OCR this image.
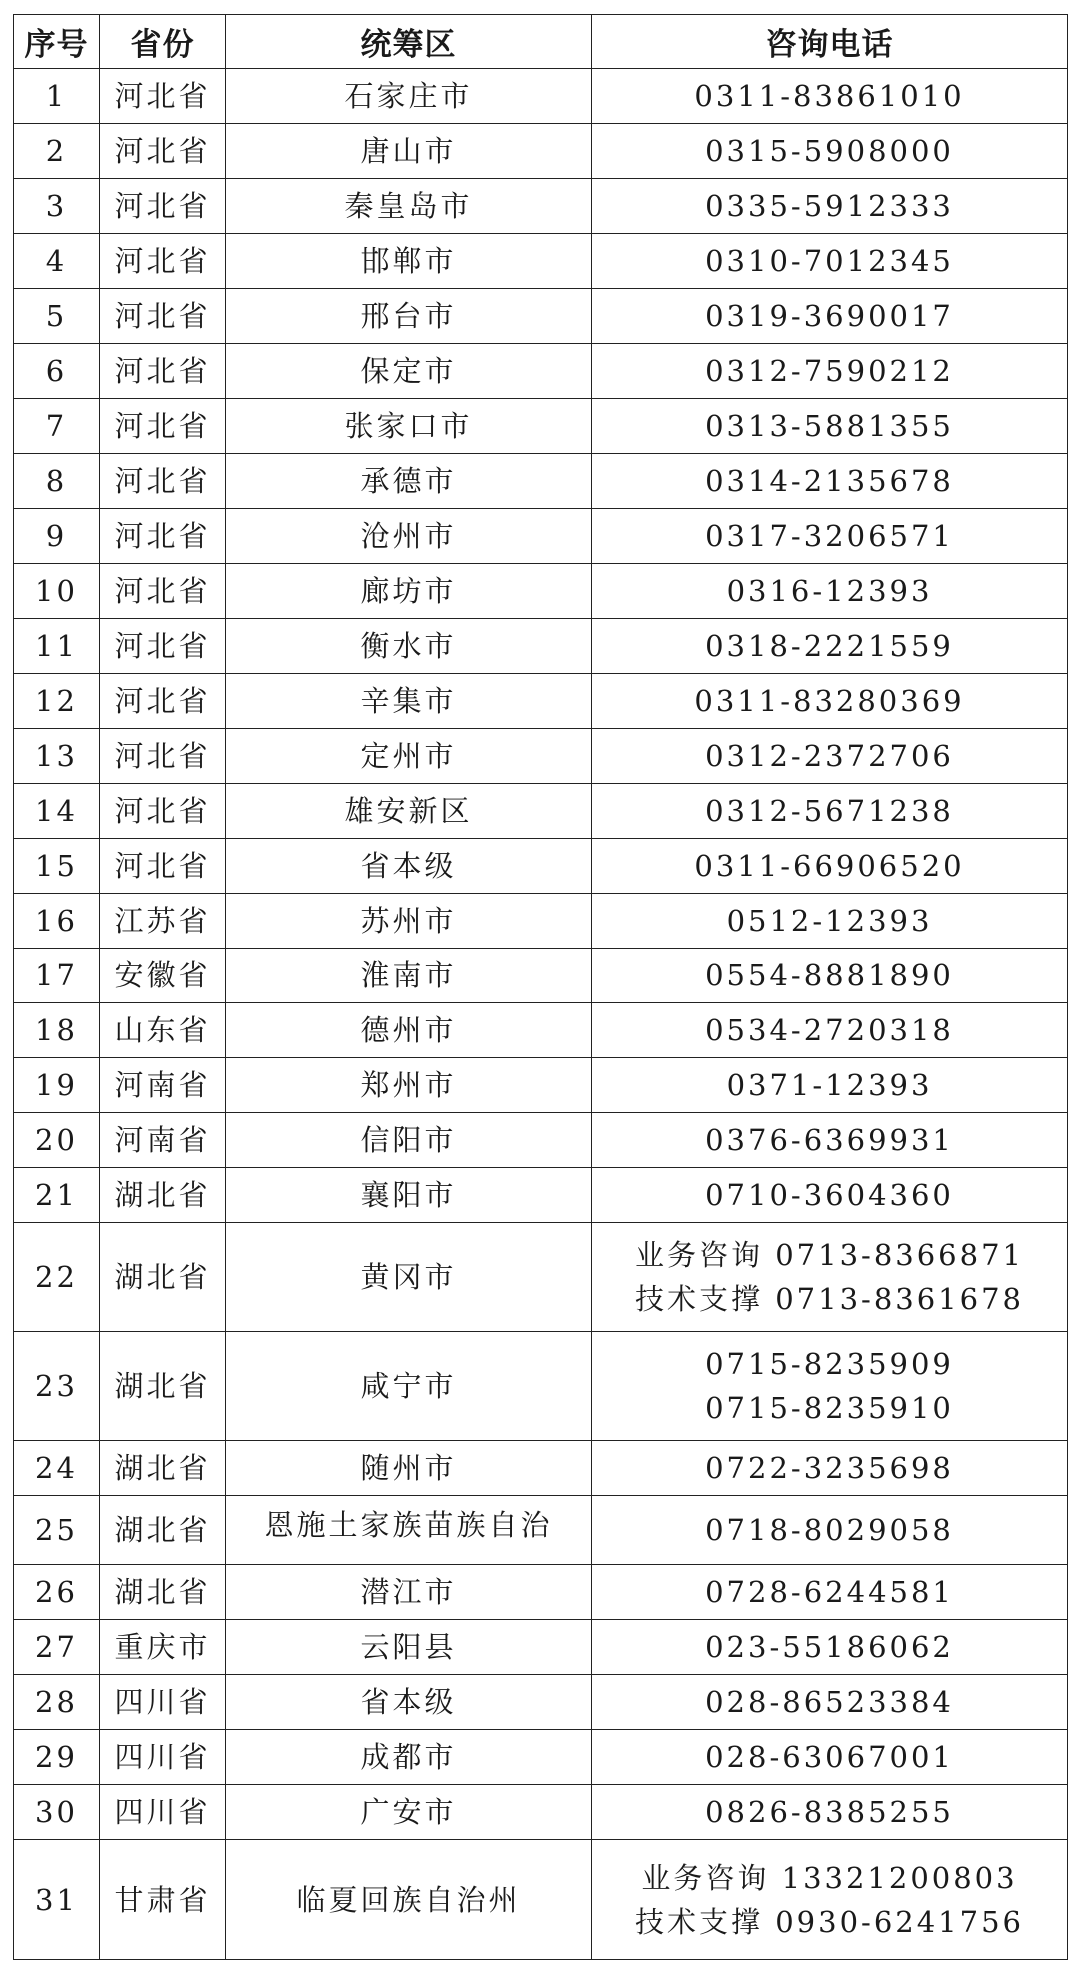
序号	省份	统筹区	咨询电话
1	河北省	石家庄市	0311-83861010

2	河北省	唐山市	0315-5908000

3	河北省	秦皇岛市	0335-5912333

4	河北省	邯郸市	0310-7012345

5	河北省	邢台市	0319-3690017

6	河北省	保定市	0312-7590212

7	河北省	张家口市	0313-5881355

8	河北省	承德市	0314-2135678

9	河北省	沧州市	0317-3206571

10	河北省	廊坊市	0316-12393

11	河北省	衡水市	0318-2221559

12	河北省	辛集市	0311-83280369

13	河北省	定州市	0312-2372706

14	河北省	雄安新区	0312-5671238

15	河北省	省本级	0311-66906520

16	江苏省	苏州市	0512-12393

17	安徽省	淮南市	0554-8881890

18	山东省	德州市	0534-2720318

19	河南省	郑州市	0371-12393

20	河南省	信阳市	0376-6369931

21	湖北省	襄阳市	0710-3604360

22	湖北省	黄冈市	业务咨询 0713-8366871
技术支撑 0713-8361678

23	湖北省	咸宁市	0715-8235909
0715-8235910

24	湖北省	随州市	0722-3235698

25	湖北省	恩施土家族苗族自治	0718-8029058

26	湖北省	潜江市	0728-6244581

27	重庆市	云阳县	023-55186062

28	四川省	省本级	028-86523384

29	四川省	成都市	028-63067001

30	四川省	广安市	0826-8385255

31	甘肃省	临夏回族自治州	业务咨询 13321200803
技术支撑 0930-6241756
